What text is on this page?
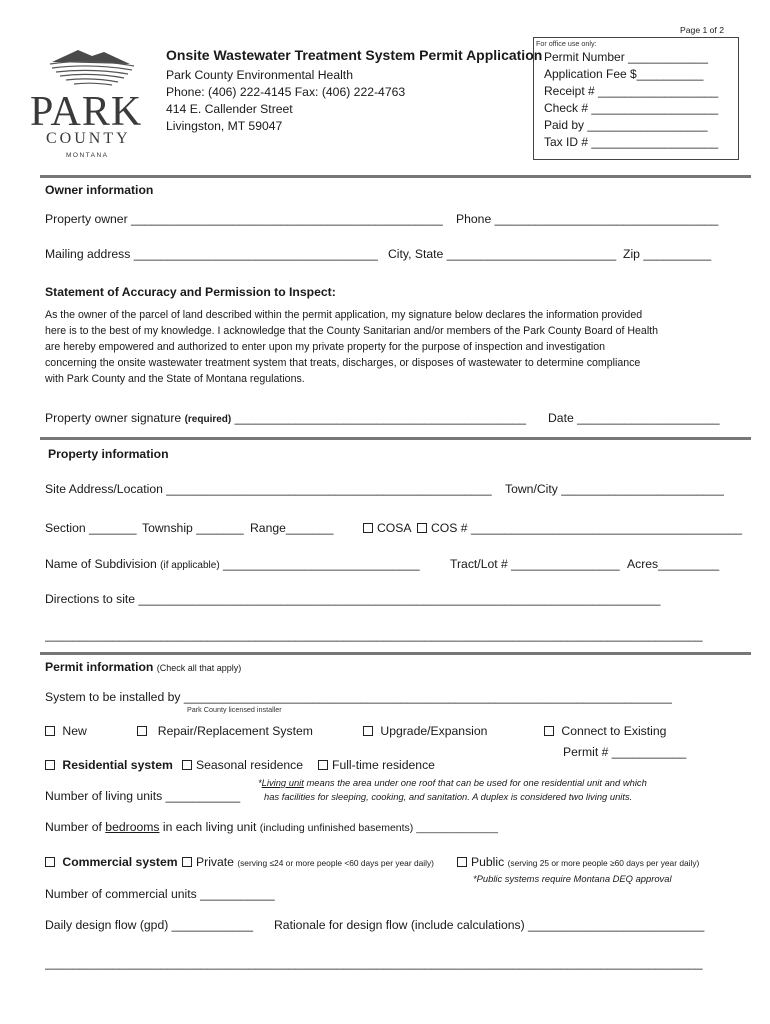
Page 1 of 2
PARK
COUNTY
MONTANA
Onsite Wastewater Treatment System Permit Application
Park County Environmental Health
Phone: (406) 222-4145 Fax: (406) 222-4763
414 E. Callender Street
Livingston, MT 59047
For office use only:
Permit Number ____________
Application Fee $__________
Receipt # __________________
Check # ___________________
Paid by __________________
Tax ID # ___________________
Owner information
Property owner ______________________________________________ Phone _________________________________
Mailing address ____________________________________ City, State _________________________ Zip __________
Statement of Accuracy and Permission to Inspect:
As the owner of the parcel of land described within the permit application, my signature below declares the information provided
here is to the best of my knowledge. I acknowledge that the County Sanitarian and/or members of the Park County Board of Health
are hereby empowered and authorized to enter upon my private property for the purpose of inspection and investigation
concerning the onsite wastewater treatment system that treats, discharges, or disposes of wastewater to determine compliance
with Park County and the State of Montana regulations.
Property owner signature (required) ___________________________________________ Date _____________________
Property information
Site Address/Location ________________________________________________ Town/City ________________________
Section _______ Township _______ Range_______	COSA	COS # ________________________________________
Name of Subdivision (if applicable) _____________________________ Tract/Lot # ________________ Acres_________
Directions to site _____________________________________________________________________________
_________________________________________________________________________________________________
Permit information (Check all that apply)
System to be installed by ________________________________________________________________________
Park County licensed installer
New	Repair/Replacement System	Upgrade/Expansion	Connect to Existing
Permit # ___________
Residential system	Seasonal residence	Full-time residence
*Living unit means the area under one roof that can be used for one residential unit and which
has facilities for sleeping, cooking, and sanitation. A duplex is considered two living units.
Number of living units ___________
Number of bedrooms in each living unit (including unfinished basements) ______________
Commercial system	Private (serving ≤24 or more people <60 days per year daily)	Public (serving 25 or more people ≥60 days per year daily)
*Public systems require Montana DEQ approval
Number of commercial units ___________
Daily design flow (gpd) ____________ Rationale for design flow (include calculations) __________________________
_________________________________________________________________________________________________
